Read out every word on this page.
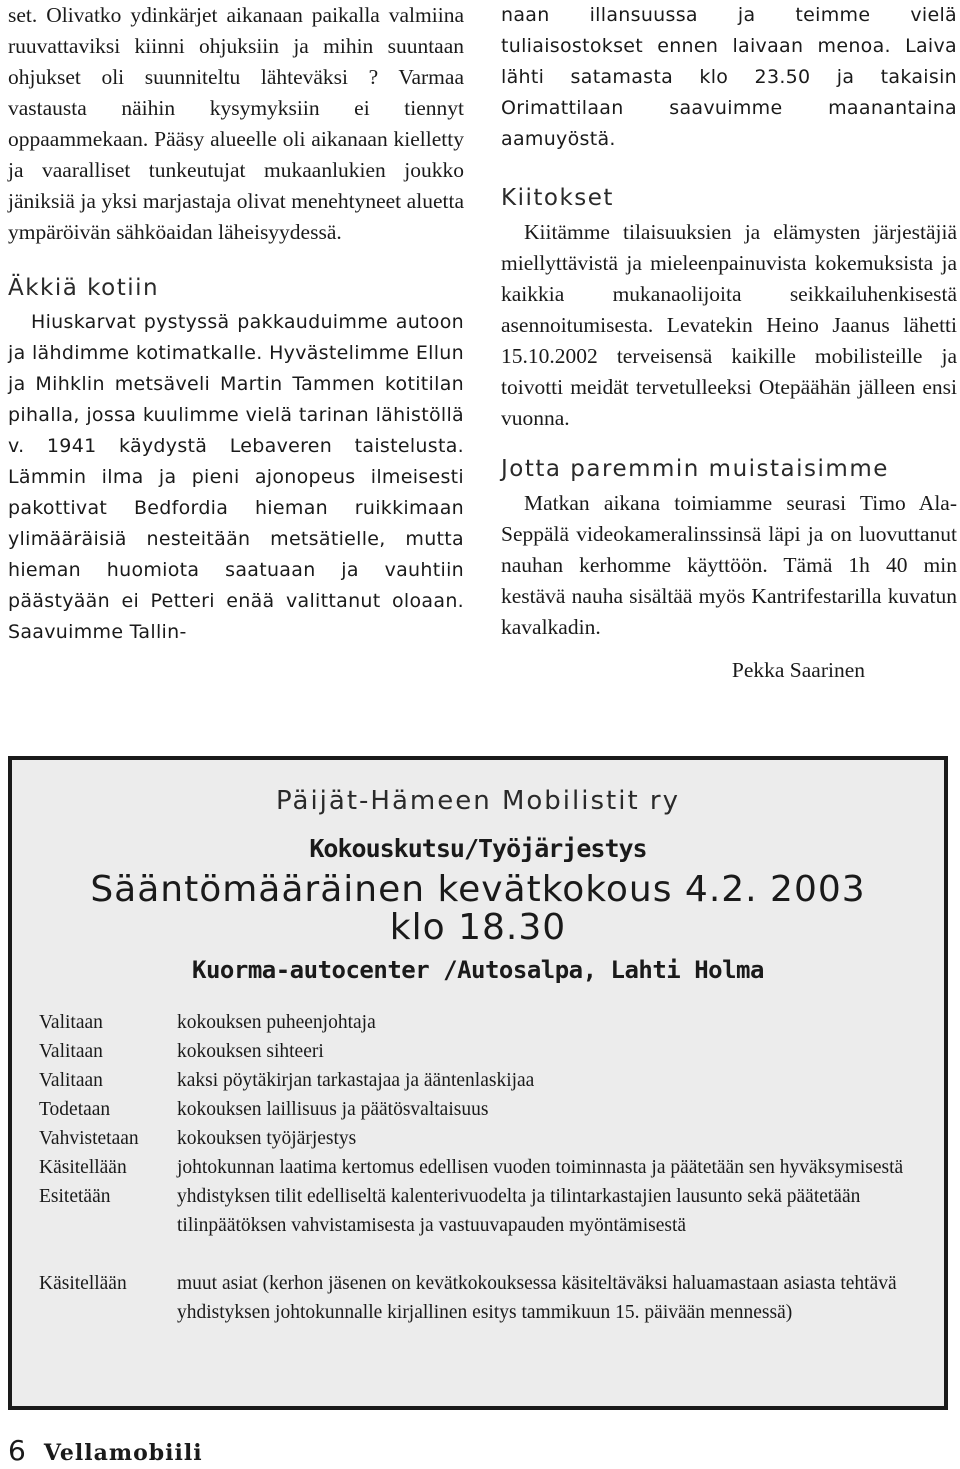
set. Olivatko ydinkärjet aikanaan paikalla valmiina ruuvattaviksi kiinni ohjuksiin ja mihin suuntaan ohjukset oli suunniteltu lähteväksi ? Varmaa vastausta näihin kysymyksiin ei tiennyt oppaammekaan. Pääsy alueelle oli aikanaan kielletty ja vaaralliset tunkeutujat mukaanlukien joukko jäniksiä ja yksi marjastaja olivat menehtyneet aluetta ympäröivän sähköaidan läheisyydessä.

Äkkiä kotiin

Hiuskarvat pystyssä pakkauduimme autoon ja lähdimme kotimatkalle. Hyvästelimme Ellun ja Mihklin metsäveli Martin Tammen kotitilan pihalla, jossa kuulimme vielä tarinan lähistöllä v. 1941 käydystä Lebaveren taistelusta. Lämmin ilma ja pieni ajonopeus ilmeisesti pakottivat Bedfordia hieman ruikkimaan ylimääräisiä nesteitään metsätielle, mutta hieman huomiota saatuaan ja vauhtiin päästyään ei Petteri enää valittanut oloaan. Saavuimme Tallin-

naan illansuussa ja teimme vielä tuliaisostokset ennen laivaan menoa. Laiva lähti satamasta klo 23.50 ja takaisin Orimattilaan saavuimme maanantaina aamuyöstä.

Kiitokset

Kiitämme tilaisuuksien ja elämysten järjestäjiä miellyttävistä ja mieleenpainuvista kokemuksista ja kaikkia mukanaolijoita seikkailuhenkisestä asennoitumisesta. Levatekin Heino Jaanus lähetti 15.10.2002 terveisensä kaikille mobilisteille ja toivotti meidät tervetulleeksi Otepäähän jälleen ensi vuonna.

Jotta paremmin muistaisimme

Matkan aikana toimiamme seurasi Timo Ala-Seppälä videokameralinssinsä läpi ja on luovuttanut nauhan kerhomme käyttöön. Tämä 1h 40 min kestävä nauha sisältää myös Kantrifestarilla kuvatun kavalkadin.

Pekka Saarinen
Päijät-Hämeen Mobilistit ry
Kokouskutsu/Työjärjestys
Sääntömääräinen kevätkokous 4.2. 2003
klo 18.30
Kuorma-autocenter /Autosalpa, Lahti Holma
Valitaan	kokouksen puheenjohtaja
Valitaan	kokouksen sihteeri
Valitaan	kaksi pöytäkirjan tarkastajaa ja ääntenlaskijaa
Todetaan	kokouksen laillisuus ja päätösvaltaisuus
Vahvistetaan	kokouksen työjärjestys
Käsitellään	johtokunnan laatima kertomus edellisen vuoden toiminnasta ja päätetään sen hyväksymisestä
Esitetään	yhdistyksen tilit edelliseltä kalenterivuodelta ja tilintarkastajien lausunto sekä päätetään tilinpäätöksen vahvistamisesta ja vastuuvapauden myöntämisestä
Käsitellään	muut asiat (kerhon jäsenen on kevätkokouksessa käsiteltäväksi haluamastaan asiasta tehtävä yhdistyksen johtokunnalle kirjallinen esitys tammikuun 15. päivään mennessä)
6 Vellamobiili
